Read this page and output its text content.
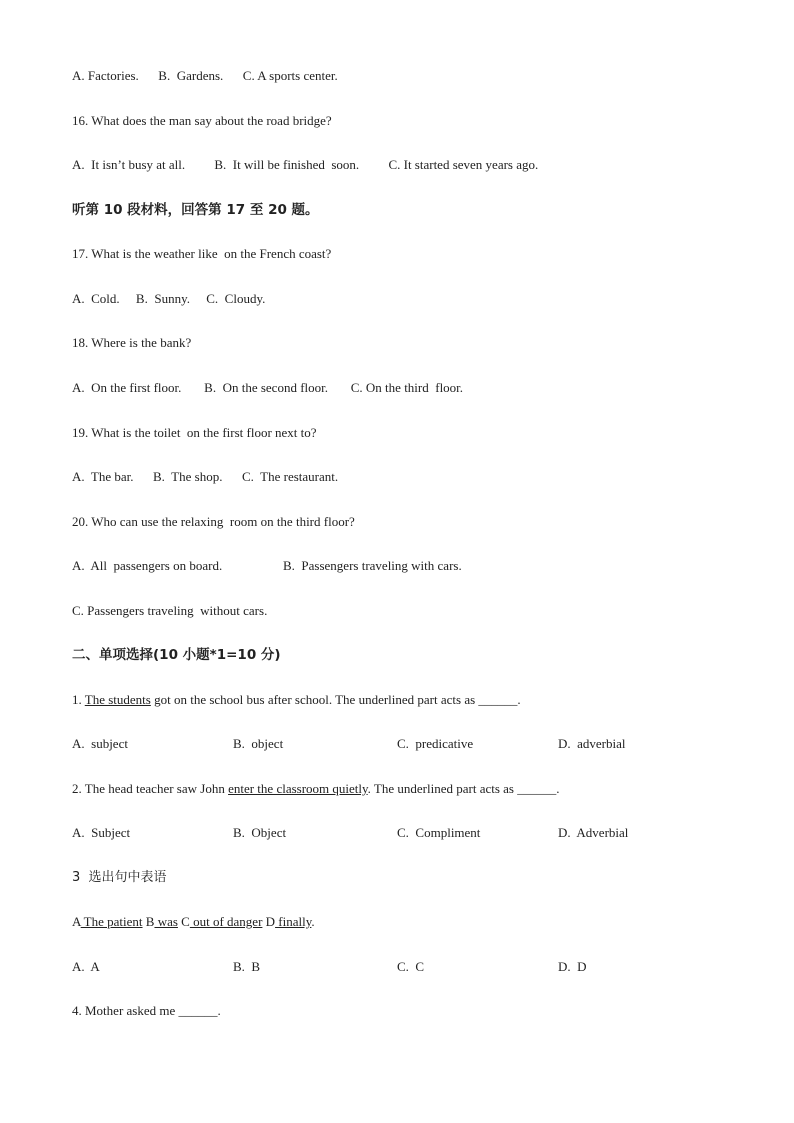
A. Factories. B.  Gardens. C. A sports center.
16. What does the man say about the road bridge?
A.  It isn’t busy at all. B.  It will be finished  soon. C. It started seven years ago.
听第 10 段材料，回答第 17 至 20 题。
17. What is the weather like  on the French coast?
A.  Cold. B.  Sunny. C.  Cloudy.
18. Where is the bank?
A.  On the first floor. B.  On the second floor. C. On the third  floor.
19. What is the toilet  on the first floor next to?
A.  The bar. B.  The shop. C.  The restaurant.
20. Who can use the relaxing  room on the third floor?
A.  All  passengers on board.	B.  Passengers traveling with cars.
C. Passengers traveling  without cars.
二、单项选择(10 小题*1=10 分)
1. The students got on the school bus after school. The underlined part acts as ______.
A.  subject	B.  object	C.  predicative	D.  adverbial
2. The head teacher saw John enter the classroom quietly. The underlined part acts as ______.
A.  Subject	B.  Object	C.  Compliment	D.  Adverbial
3  选出句中表语
A The patient B was C out of danger D finally.
A.  A	B.  B	C.  C	D.  D
4. Mother asked me ______.
